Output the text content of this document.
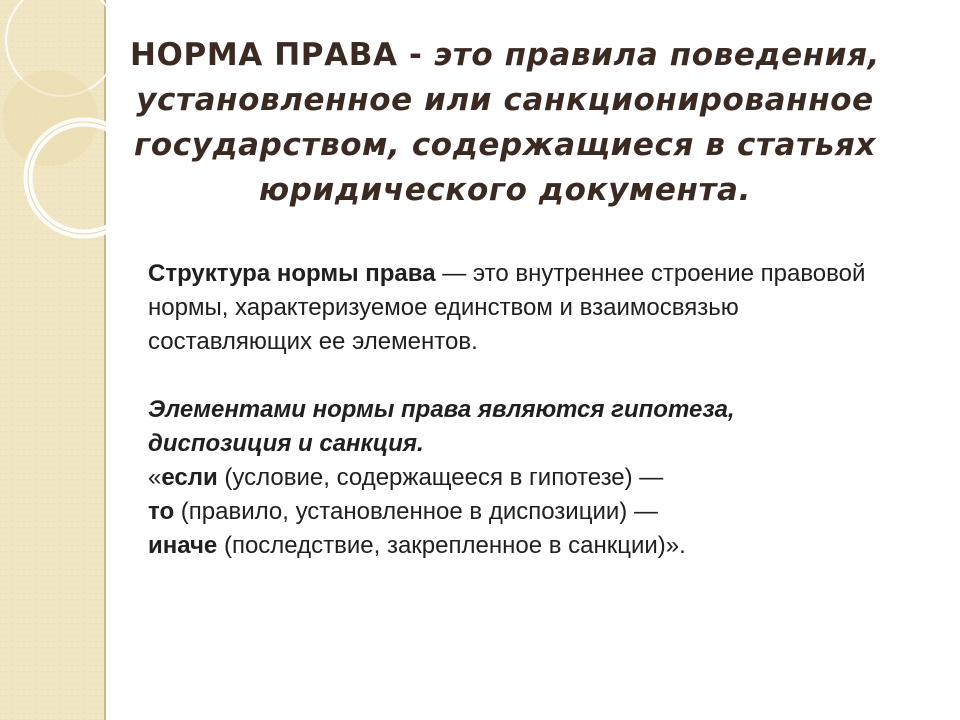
НОРМА ПРАВА - это правила поведения, установленное или санкционированное государством, содержащиеся в статьях юридического документа.

Структура нормы права — это внутреннее строение правовой нормы, характеризуемое единством и взаимосвязью составляющих ее элементов.

Элементами нормы права являются гипотеза, диспозиция и санкция.

«если (условие, содержащееся в гипотезе) —

то (правило, установленное в диспозиции) —

иначе (последствие, закрепленное в санкции)».
